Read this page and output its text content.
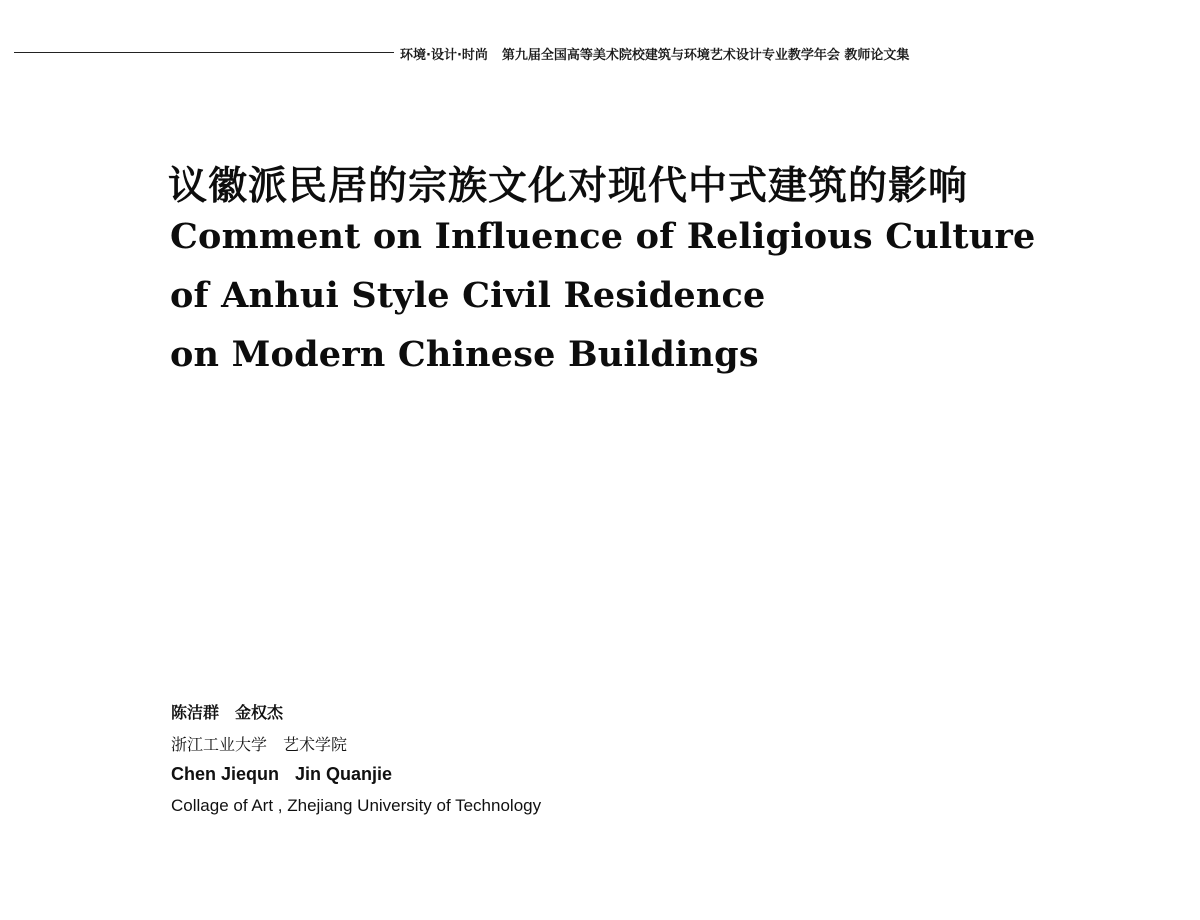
环境·设计·时尚 第九届全国高等美术院校建筑与环境艺术设计专业教学年会 教师论文集
议徽派民居的宗族文化对现代中式建筑的影响
Comment on Influence of Religious Culture
of Anhui Style Civil Residence
on Modern Chinese Buildings
陈洁群 金权杰
浙江工业大学 艺术学院
Chen Jiequn Jin Quanjie
Collage of Art , Zhejiang University of Technology
